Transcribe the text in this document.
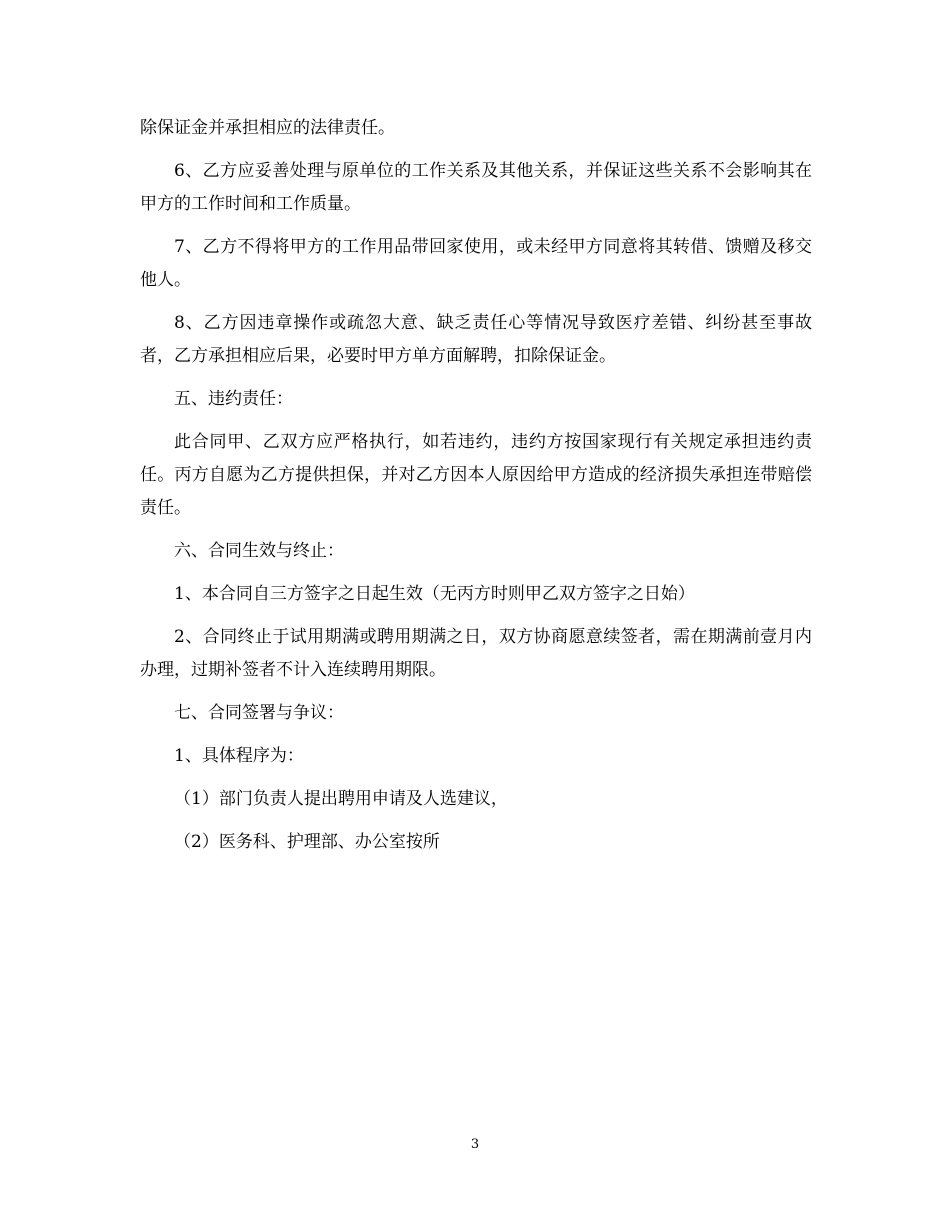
除保证金并承担相应的法律责任。

6、乙方应妥善处理与原单位的工作关系及其他关系，并保证这些关系不会影响其在甲方的工作时间和工作质量。

7、乙方不得将甲方的工作用品带回家使用，或未经甲方同意将其转借、馈赠及移交他人。

8、乙方因违章操作或疏忽大意、缺乏责任心等情况导致医疗差错、纠纷甚至事故者，乙方承担相应后果，必要时甲方单方面解聘，扣除保证金。

五、违约责任：

此合同甲、乙双方应严格执行，如若违约，违约方按国家现行有关规定承担违约责任。丙方自愿为乙方提供担保，并对乙方因本人原因给甲方造成的经济损失承担连带赔偿责任。

六、合同生效与终止：

1、本合同自三方签字之日起生效（无丙方时则甲乙双方签字之日始）

2、合同终止于试用期满或聘用期满之日，双方协商愿意续签者，需在期满前壹月内办理，过期补签者不计入连续聘用期限。

七、合同签署与争议：

1、具体程序为：

（1）部门负责人提出聘用申请及人选建议，

（2）医务科、护理部、办公室按所

3
